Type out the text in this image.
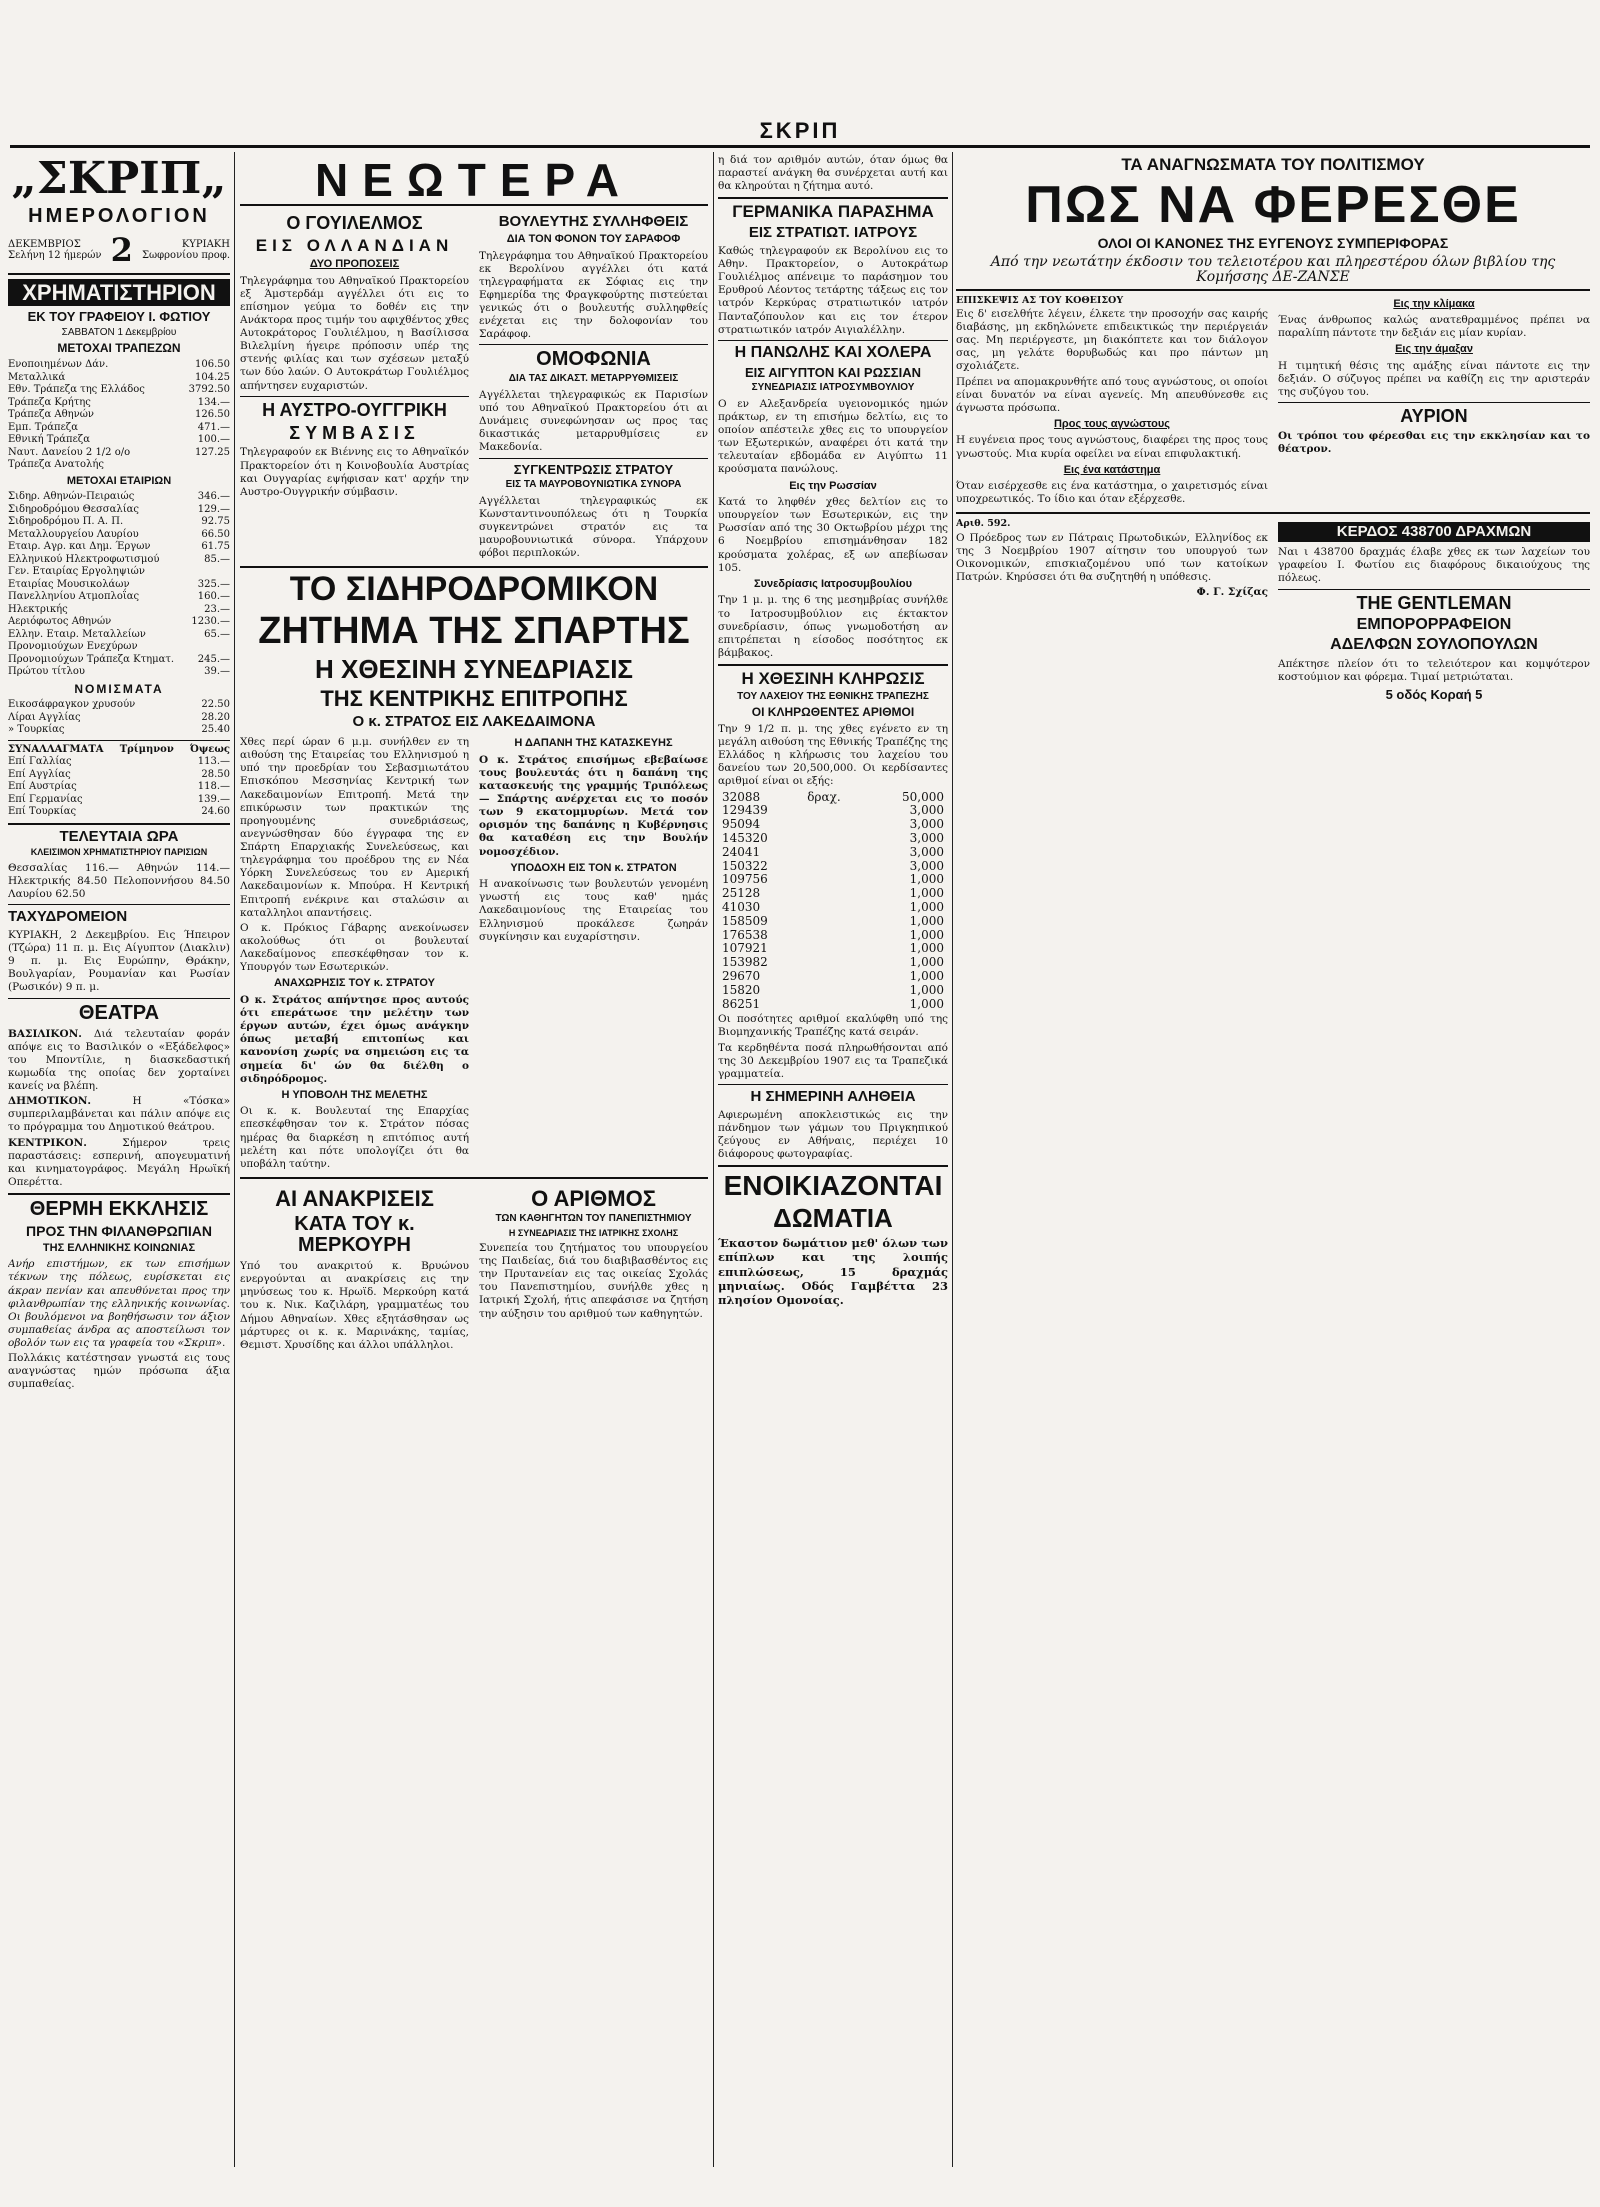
ΣΚΡΙΠ
„ΣΚΡΙΠ„
ΗΜΕΡΟΛΟΓΙΟΝ
ΔΕΚΕΜΒΡΙΟΣ
Σελήνη 12 ήμερών 2	ΚΥΡΙΑΚΗ
Σωφρονίου προφ.
ΧΡΗΜΑΤΙΣΤΗΡΙΟΝ
ΕΚ ΤΟΥ ΓΡΑΦΕΙΟΥ Ι. ΦΩΤΙΟΥ
ΣΑΒΒΑΤΟΝ 1 Δεκεμβρίου
ΜΕΤΟΧΑΙ ΤΡΑΠΕΖΩΝ
Ενοποιημένων Δάν.	106.50
Μεταλλικά	104.25
Εθν. Τράπεζα της Ελλάδος	3792.50
Τράπεζα Κρήτης	134.—
Τράπεζα Αθηνών	126.50
Εμπ. Τράπεζα	471.—
Εθνική Τράπεζα	100.—
Ναυτ. Δανείου 2 1/2 ο/ο	127.25
Τράπεζα Ανατολής
ΜΕΤΟΧΑΙ ΕΤΑΙΡΙΩΝ
Σιδηρ. Αθηνών-Πειραιώς	346.—
Σιδηροδρόμου Θεσσαλίας	129.—
Σιδηροδρόμου Π. Α. Π.	92.75
Μεταλλουργείου Λαυρίου	66.50
Εταιρ. Αγρ. και Δημ. Έργων	61.75
Ελληνικού Ηλεκτροφωτισμού	85.—
Γεν. Εταιρίας Εργοληψιών
Εταιρίας Μουσικολάων	325.—
Πανελληνίου Ατμοπλοΐας	160.—
Ηλεκτρικής	23.—
Αεριόφωτος Αθηνών	1230.—
Ελλην. Εταιρ. Μεταλλείων	65.—
Προνομιούχων Ενεχύρων
Προνομιούχων Τράπεζα Κτηματ. 245.—
Πρώτου τίτλου	39.—
ΝΟΜΙΣΜΑΤΑ
Εικοσάφραγκον χρυσούν	22.50
Λίραι Αγγλίας	28.20
» Τουρκίας	25.40
ΣΥΝΑΛΛΑΓΜΑΤΑ Τρίμηνον Όψεως
Επί Γαλλίας	113.—
Επί Αγγλίας	28.50
Επί Αυστρίας	118.—
Επί Γερμανίας	139.—
Επί Τουρκίας	24.60
ΤΕΛΕΥΤΑΙΑ ΩΡΑ
ΚΛΕΙΣΙΜΟΝ ΧΡΗΜΑΤΙΣΤΗΡΙΟΥ ΠΑΡΙΣΙΩΝ
Θεσσαλίας 116.— Αθηνών 114.— Ηλεκτρικής 84.50 Πελοποννήσου 84.50 Λαυρίου 62.50
ΤΑΧΥΔΡΟΜΕΙΟΝ
ΚΥΡΙΑΚΗ, 2 Δεκεμβρίου. Εις Ήπειρον (Τζώρα) 11 π. μ. Εις Αίγυπτον (Διακλιν) 9 π. μ. Εις Ευρώπην, Θράκην, Βουλγαρίαν, Ρουμανίαν και Ρωσίαν (Ρωσικόν) 9 π. μ.
ΘΕΑΤΡΑ
ΒΑΣΙΛΙΚΟΝ. Διά τελευταίαν φοράν απόψε εις το Βασιλικόν ο «Εξάδελφος» του Μποντίλιε, η διασκεδαστική κωμωδία της οποίας δεν χορταίνει κανείς να βλέπη.
ΔΗΜΟΤΙΚΟΝ.	Η «Τόσκα» συμπεριλαμβάνεται και πάλιν απόψε εις το πρόγραμμα του Δημοτικού θεάτρου.
ΚΕΝΤΡΙΚΟΝ.	Σήμερον τρεις παραστάσεις: εσπερινή, απογευματινή και κινηματογράφος. Μεγάλη Ηρωϊκή Οπερέττα.
ΘΕΡΜΗ ΕΚΚΛΗΣΙΣ
ΠΡΟΣ ΤΗΝ ΦΙΛΑΝΘΡΩΠΙΑΝ
ΤΗΣ ΕΛΛΗΝΙΚΗΣ ΚΟΙΝΩΝΙΑΣ
Ανήρ επιστήμων, εκ των επισήμων τέκνων της πόλεως, ευρίσκεται εις άκραν πενίαν και απευθύνεται προς την φιλανθρωπίαν της ελληνικής κοινωνίας. Οι βουλόμενοι να βοηθήσωσιν τον άξιον συμπαθείας άνδρα ας αποστείλωσι τον οβολόν των εις τα γραφεία του «Σκριπ».
Πολλάκις κατέστησαν γνωστά εις τους αναγνώστας ημών πρόσωπα άξια συμπαθείας.
ΝΕΩΤΕΡΑ
Ο ΓΟΥΙΛΕΛΜΟΣ
ΕΙΣ ΟΛΛΑΝΔΙΑΝ
ΔΥΟ ΠΡΟΠΟΣΕΙΣ
Τηλεγράφημα του Αθηναϊκού Πρακτορείου εξ Άμστερδάμ αγγέλλει ότι εις το επίσημον γεύμα το δοθέν εις την Ανάκτορα προς τιμήν του αφιχθέντος χθες Αυτοκράτορος Γουλιέλμου, η Βασίλισσα Βιλελμίνη ήγειρε πρόποσιν υπέρ της στενής φιλίας και των σχέσεων μεταξύ των δύο λαών. Ο Αυτοκράτωρ Γουλιέλμος απήντησεν ευχαριστών.
Η ΑΥΣΤΡΟ-ΟΥΓΓΡΙΚΗ
ΣΥΜΒΑΣΙΣ
Τηλεγραφούν εκ Βιέννης εις το Αθηναϊκόν Πρακτορείον ότι η Κοινοβουλία Αυστρίας και Ουγγαρίας εψήφισαν κατ' αρχήν την Αυστρο-Ουγγρικήν σύμβασιν.
ΒΟΥΛΕΥΤΗΣ ΣΥΛΛΗΦΘΕΙΣ
ΔΙΑ ΤΟΝ ΦΟΝΟΝ ΤΟΥ ΣΑΡΑΦΟΦ
Τηλεγράφημα του Αθηναϊκού Πρακτορείου εκ Βερολίνου αγγέλλει ότι κατά τηλεγραφήματα εκ Σόφιας εις την Εφημερίδα της Φραγκφούρτης πιστεύεται γενικώς ότι ο βουλευτής συλληφθείς ενέχεται εις την δολοφονίαν του Σαράφοφ.
ΟΜΟΦΩΝΙΑ
ΔΙΑ ΤΑΣ ΔΙΚΑΣΤ. ΜΕΤΑΡΡΥΘΜΙΣΕΙΣ
Αγγέλλεται τηλεγραφικώς εκ Παρισίων υπό του Αθηναϊκού Πρακτορείου ότι αι Δυνάμεις συνεφώνησαν ως προς τας δικαστικάς μεταρρυθμίσεις εν Μακεδονία.
ΣΥΓΚΕΝΤΡΩΣΙΣ ΣΤΡΑΤΟΥ
ΕΙΣ ΤΑ ΜΑΥΡΟΒΟΥΝΙΩΤΙΚΑ ΣΥΝΟΡΑ
Αγγέλλεται τηλεγραφικώς εκ Κωνσταντινουπόλεως ότι η Τουρκία συγκεντρώνει στρατόν εις τα μαυροβουνιωτικά σύνορα. Υπάρχουν φόβοι περιπλοκών.
ΤΟ ΣΙΔΗΡΟΔΡΟΜΙΚΟΝ
ΖΗΤΗΜΑ ΤΗΣ ΣΠΑΡΤΗΣ
Η ΧΘΕΣΙΝΗ ΣΥΝΕΔΡΙΑΣΙΣ
ΤΗΣ ΚΕΝΤΡΙΚΗΣ ΕΠΙΤΡΟΠΗΣ
Ο κ. ΣΤΡΑΤΟΣ ΕΙΣ ΛΑΚΕΔΑΙΜΟΝΑ
Χθες περί ώραν 6 μ.μ. συνήλθεν εν τη αιθούση της Εταιρείας του Ελληνισμού η υπό την προεδρίαν του Σεβασμιωτάτου Επισκόπου Μεσσηνίας Κεντρική των Λακεδαιμονίων Επιτροπή. Μετά την επικύρωσιν των πρακτικών της προηγουμένης συνεδριάσεως, ανεγνώσθησαν δύο έγγραφα της εν Σπάρτη Επαρχιακής Συνελεύσεως, και τηλεγράφημα του προέδρου της εν Νέα Υόρκη Συνελεύσεως του εν Αμερική Λακεδαιμονίων κ. Μπούρα. Η Κεντρική Επιτροπή ενέκρινε και σταλώσιν αι καταλληλοι απαντήσεις.
Ο κ. Πρόκιος Γάβαρης ανεκοίνωσεν ακολούθως ότι οι βουλευταί Λακεδαίμονος επεσκέφθησαν τον κ. Υπουργόν των Εσωτερικών.
ΑΝΑΧΩΡΗΣΙΣ ΤΟΥ κ. ΣΤΡΑΤΟΥ
Ο κ. Στράτος απήντησε προς αυτούς ότι επεράτωσε την μελέτην των έργων αυτών, έχει όμως ανάγκην όπως μεταβή επιτοπίως και κανονίση χωρίς να σημειώση εις τα σημεία δι' ών θα διέλθη ο σιδηρόδρομος.
Η ΥΠΟΒΟΛΗ ΤΗΣ ΜΕΛΕΤΗΣ
Οι κ. κ. Βουλευταί της Επαρχίας επεσκέφθησαν τον κ. Στράτον πόσας ημέρας θα διαρκέση η επιτόπιος αυτή μελέτη και πότε υπολογίζει ότι θα υποβάλη ταύτην.
Η ΔΑΠΑΝΗ ΤΗΣ ΚΑΤΑΣΚΕΥΗΣ
Ο κ. Στράτος επισήμως εβεβαίωσε τους βουλευτάς ότι η δαπάνη της κατασκευής της γραμμής Τριπόλεως — Σπάρτης ανέρχεται εις το ποσόν των 9 εκατομμυρίων. Μετά τον ορισμόν της δαπάνης η Κυβέρνησις θα καταθέση εις την Βουλήν νομοσχέδιον.
ΥΠΟΔΟΧΗ ΕΙΣ ΤΟΝ κ. ΣΤΡΑΤΟΝ
Η ανακοίνωσις των βουλευτών γενομένη γνωστή εις τους καθ' ημάς Λακεδαιμονίους της Εταιρείας του Ελληνισμού προκάλεσε ζωηράν συγκίνησιν και ευχαρίστησιν.
ΑΙ ΑΝΑΚΡΙΣΕΙΣ
ΚΑΤΑ ΤΟΥ κ. ΜΕΡΚΟΥΡΗ
Υπό του ανακριτού κ. Βρυώνου ενεργούνται αι ανακρίσεις εις την μηνύσεως του κ. Ηρωϊδ. Μερκούρη κατά του κ. Νικ. Καζιλάρη, γραμματέως του Δήμου Αθηναίων. Χθες εξητάσθησαν ως μάρτυρες οι κ. κ. Μαρινάκης, ταμίας, Θεμιστ. Χρυσίδης και άλλοι υπάλληλοι.
Ο ΑΡΙΘΜΟΣ
ΤΩΝ ΚΑΘΗΓΗΤΩΝ ΤΟΥ ΠΑΝΕΠΙΣΤΗΜΙΟΥ
Η ΣΥΝΕΔΡΙΑΣΙΣ ΤΗΣ ΙΑΤΡΙΚΗΣ ΣΧΟΛΗΣ
Συνεπεία του ζητήματος του υπουργείου της Παιδείας, διά του διαβιβασθέντος εις την Πρυτανείαν εις τας οικείας Σχολάς του Πανεπιστημίου, συνήλθε χθες η Ιατρική Σχολή, ήτις απεφάσισε να ζητήση την αύξησιν του αριθμού των καθηγητών.
η διά τον αριθμόν αυτών, όταν όμως θα παραστεί ανάγκη θα συνέρχεται αυτή και θα κληρούται η ζήτημα αυτό.
ΓΕΡΜΑΝΙΚΑ ΠΑΡΑΣΗΜΑ
ΕΙΣ ΣΤΡΑΤΙΩΤ. ΙΑΤΡΟΥΣ
Καθώς τηλεγραφούν εκ Βερολίνου εις το Αθην. Πρακτορείον, ο Αυτοκράτωρ Γουλιέλμος απένειμε το παράσημον του Ερυθρού Λέοντος τετάρτης τάξεως εις τον ιατρόν Κερκύρας στρατιωτικόν ιατρόν Πανταζόπουλον και εις τον έτερον στρατιωτικόν ιατρόν Αιγιαλέλλην.
Η ΠΑΝΩΛΗΣ ΚΑΙ ΧΟΛΕΡΑ
ΕΙΣ ΑΙΓΥΠΤΟΝ ΚΑΙ ΡΩΣΣΙΑΝ
ΣΥΝΕΔΡΙΑΣΙΣ ΙΑΤΡΟΣΥΜΒΟΥΛΙΟΥ
Ο εν Αλεξανδρεία υγειονομικός ημών πράκτωρ, εν τη επισήμω δελτίω, εις το οποίον απέστειλε χθες εις το υπουργείον των Εξωτερικών, αναφέρει ότι κατά την τελευταίαν εβδομάδα εν Αιγύπτω 11 κρούσματα πανώλους.
Εις την Ρωσσίαν
Κατά το ληφθέν χθες δελτίον εις το υπουργείον των Εσωτερικών, εις την Ρωσσίαν από της 30 Οκτωβρίου μέχρι της 6 Νοεμβρίου επισημάνθησαν 182 κρούσματα χολέρας, εξ ων απεβίωσαν 105.
Συνεδρίασις Ιατροσυμβουλίου
Την 1 μ. μ. της 6 της μεσημβρίας συνήλθε το Ιατροσυμβούλιον εις έκτακτον συνεδρίασιν, όπως γνωμοδοτήση αν επιτρέπεται η είσοδος ποσότητος εκ βάμβακος.
Η ΧΘΕΣΙΝΗ ΚΛΗΡΩΣΙΣ
ΤΟΥ ΛΑΧΕΙΟΥ ΤΗΣ ΕΘΝΙΚΗΣ ΤΡΑΠΕΖΗΣ
ΟΙ ΚΛΗΡΩΘΕΝΤΕΣ ΑΡΙΘΜΟΙ
Την 9 1/2 π. μ. της χθες εγένετο εν τη μεγάλη αιθούση της Εθνικής Τραπέζης της Ελλάδος η κλήρωσις του λαχείου του δανείου των 20,500,000. Οι κερδίσαντες αριθμοί είναι οι εξής:
32088	δραχ.	50,000
129439		3,000
95094		3,000
145320		3,000
24041		3,000
150322		3,000
109756		1,000
25128		1,000
41030		1,000
158509		1,000
176538		1,000
107921		1,000
153982		1,000
29670		1,000
15820		1,000
86251		1,000
Οι ποσότητες αριθμοί εκαλύφθη υπό της Βιομηχανικής Τραπέζης κατά σειράν.
Τα κερδηθέντα ποσά πληρωθήσονται από της 30 Δεκεμβρίου 1907 εις τα Τραπεζικά γραμματεία.
Η ΣΗΜΕΡΙΝΗ ΑΛΗΘΕΙΑ
Αφιερωμένη αποκλειστικώς εις την πάνδημον των γάμων του Πριγκηπικού ζεύγους εν Αθήναις, περιέχει 10 διάφορους φωτογραφίας.
ΕΝΟΙΚΙΑΖΟΝΤΑΙ
ΔΩΜΑΤΙΑ
Έκαστον δωμάτιον μεθ' όλων των επίπλων και της λοιπής επιπλώσεως, 15 δραχμάς μηνιαίως. Οδός Γαμβέττα 23 πλησίον Ομονοίας.
ΤΑ ΑΝΑΓΝΩΣΜΑΤΑ ΤΟΥ ΠΟΛΙΤΙΣΜΟΥ
ΠΩΣ ΝΑ ΦΕΡΕΣΘΕ
ΟΛΟΙ ΟΙ ΚΑΝΟΝΕΣ ΤΗΣ ΕΥΓΕΝΟΥΣ ΣΥΜΠΕΡΙΦΟΡΑΣ
Από την νεωτάτην έκδοσιν του τελειοτέρου και πληρεστέρου όλων βιβλίου της Κομήσσης ΔΕ-ΖΑΝΣΕ
ΕΠΙΣΚΕΨΙΣ ΑΣ ΤΟΥ ΚΟΘΕΙΣΟΥ
Εις δ' εισελθήτε λέγειν, έλκετε την προσοχήν σας καιρής διαβάσης, μη εκδηλώνετε επιδεικτικώς την περιέργειάν σας. Μη περιέργεστε, μη διακόπτετε και τον διάλογον σας, μη γελάτε θορυβωδώς και προ πάντων μη σχολιάζετε.
Πρέπει να απομακρυνθήτε από τους αγνώστους, οι οποίοι είναι δυνατόν να είναι αγενείς. Μη απευθύνεσθε εις άγνωστα πρόσωπα.
Προς τους αγνώστους
Η ευγένεια προς τους αγνώστους, διαφέρει της προς τους γνωστούς. Μια κυρία οφείλει να είναι επιφυλακτική.
Εις ένα κατάστημα
Όταν εισέρχεσθε εις ένα κατάστημα, ο χαιρετισμός είναι υποχρεωτικός. Το ίδιο και όταν εξέρχεσθε.
Εις την κλίμακα
Ένας άνθρωπος καλώς ανατεθραμμένος πρέπει να παραλίπη πάντοτε την δεξιάν εις μίαν κυρίαν.
Εις την άμαξαν
Η τιμητική θέσις της αμάξης είναι πάντοτε εις την δεξιάν. Ο σύζυγος πρέπει να καθίζη εις την αριστεράν της συζύγου του.
ΑΥΡΙΟΝ
Οι τρόποι του φέρεσθαι εις την εκκλησίαν και το θέατρον.
Αριθ. 592.
Ο Πρόεδρος των εν Πάτραις Πρωτοδικών, Ελληνίδος εκ της 3 Νοεμβρίου 1907 αίτησιν του υπουργού των Οικονομικών, επισκιαζομένου υπό των κατοίκων Πατρών. Κηρύσσει ότι θα συζητηθή η υπόθεσις.
Φ. Γ. Σχίζας
ΚΕΡΔΟΣ 438700 ΔΡΑΧΜΩΝ
Ναι ι 438700 δραχμάς έλαβε χθες εκ των λαχείων του γραφείου Ι. Φωτίου εις διαφόρους δικαιούχους της πόλεως.
THE GENTLEMAN
ΕΜΠΟΡΟΡΡΑΦΕΙΟΝ
ΑΔΕΛΦΩΝ ΣΟΥΛΟΠΟΥΛΩΝ
Απέκτησε πλείον ότι το τελειότερον και κομψότερον κοστούμιον και φόρεμα. Τιμαί μετριώταται.
5 οδός Κοραή 5
